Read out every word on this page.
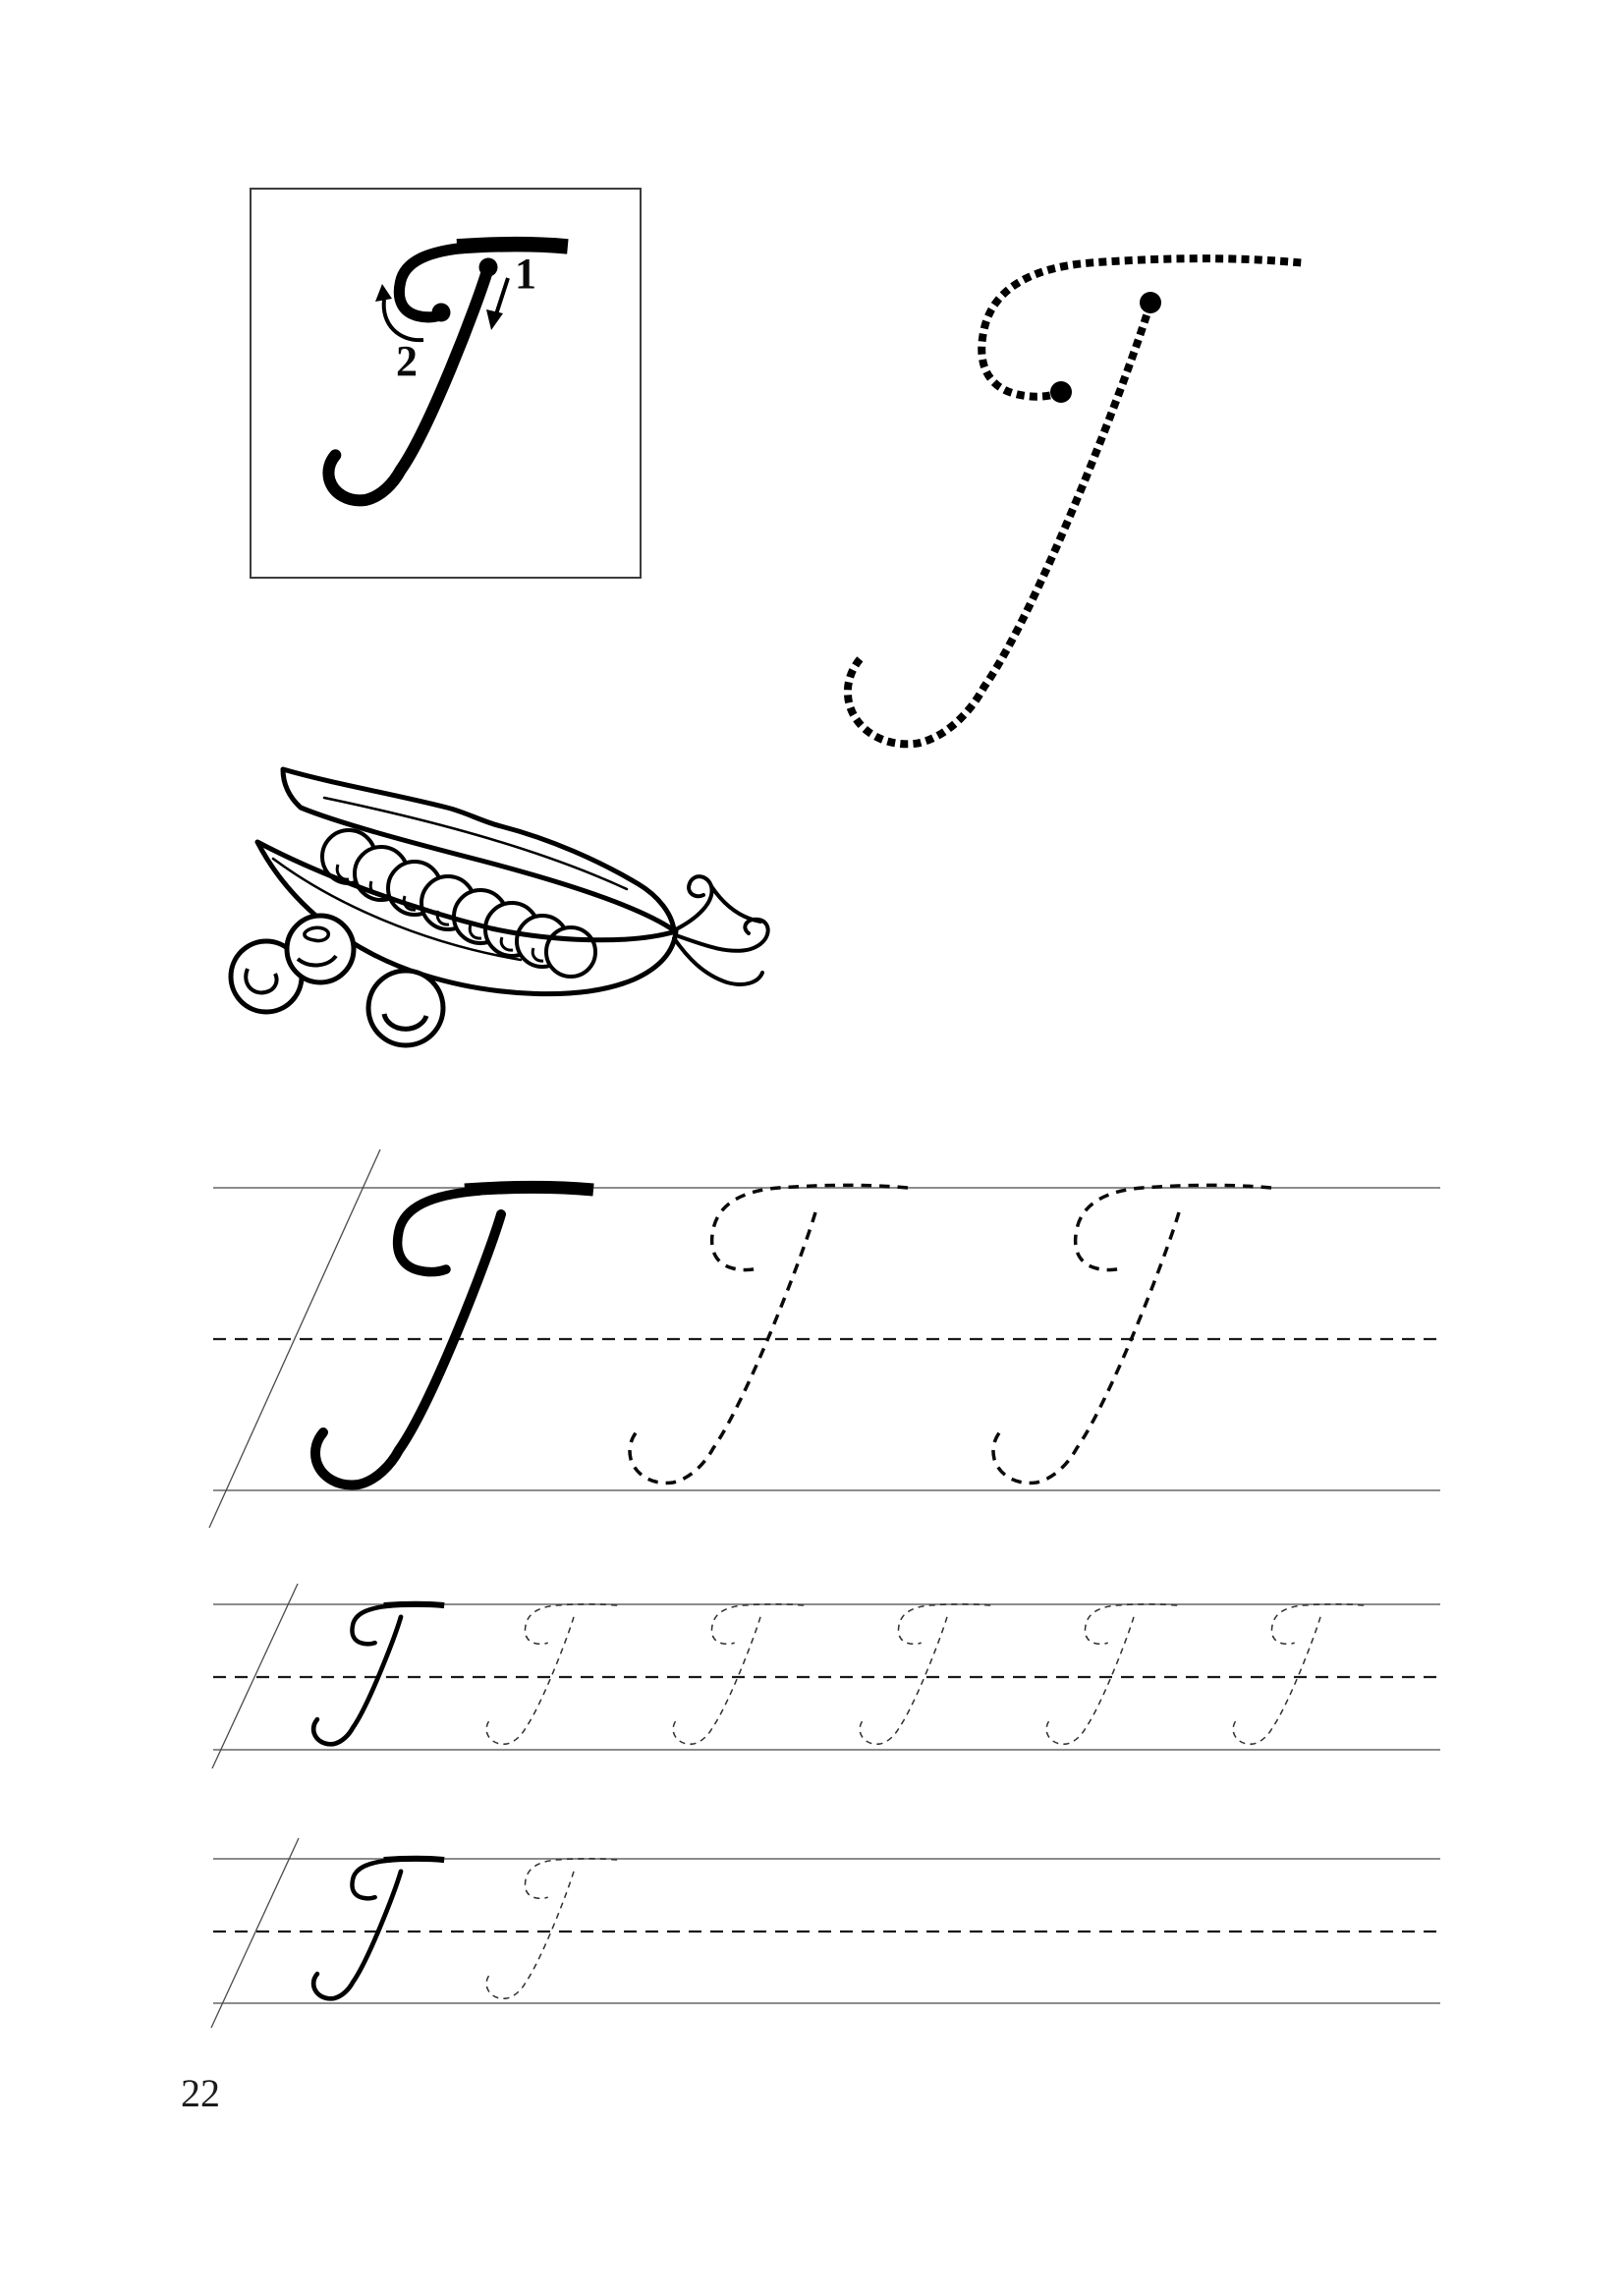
1
2
22
